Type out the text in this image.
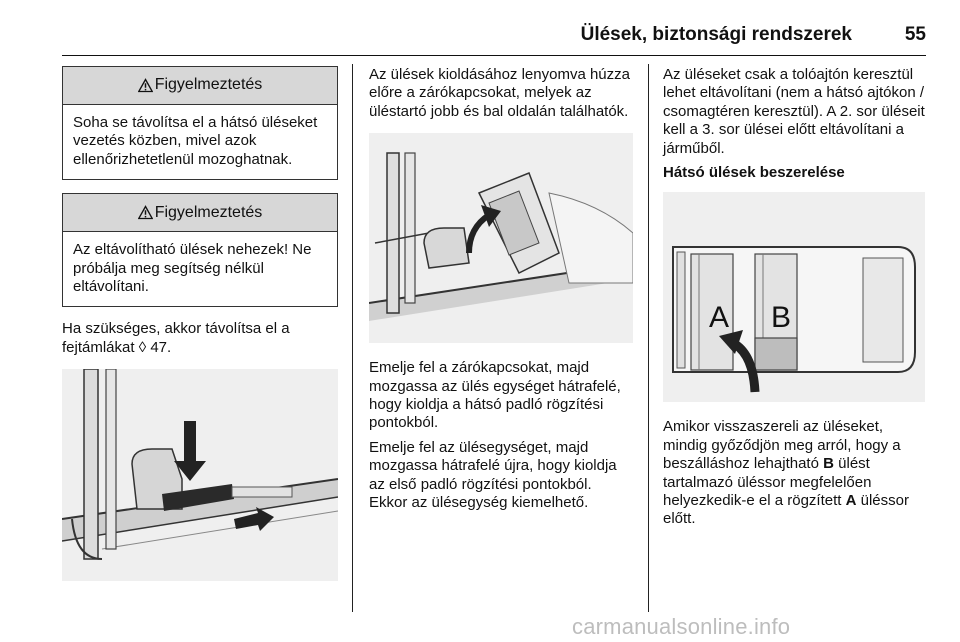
Ülések, biztonsági rendszerek	55
Figyelmeztetés
Soha se távolítsa el a hátsó üléseket vezetés közben, mivel azok ellenőrizhetetlenül mozoghatnak.
Figyelmeztetés
Az eltávolítható ülések nehezek! Ne próbálja meg segítség nélkül eltávolítani.

Ha szükséges, akkor távolítsa el a fejtámlákat ◊ 47.

Az ülések kioldásához lenyomva húzza előre a zárókapcsokat, melyek az üléstartó jobb és bal oldalán találhatók.

Emelje fel a zárókapcsokat, majd mozgassa az ülés egységet hátrafelé, hogy kioldja a hátsó padló rögzítési pontokból.

Emelje fel az ülésegységet, majd mozgassa hátrafelé újra, hogy kioldja az első padló rögzítési pontokból. Ekkor az ülésegység kiemelhető.

Az üléseket csak a tolóajtón keresztül lehet eltávolítani (nem a hátsó ajtókon / csomagtéren keresztül). A 2. sor üléseit kell a 3. sor ülései előtt eltávolítani a járműből.

Hátsó ülések beszerelése

A B

Amikor visszaszereli az üléseket, mindig győződjön meg arról, hogy a beszálláshoz lehajtható B ülést tartalmazó üléssor megfelelően helyezkedik-e el a rögzített A üléssor előtt.

carmanualsonline.info
